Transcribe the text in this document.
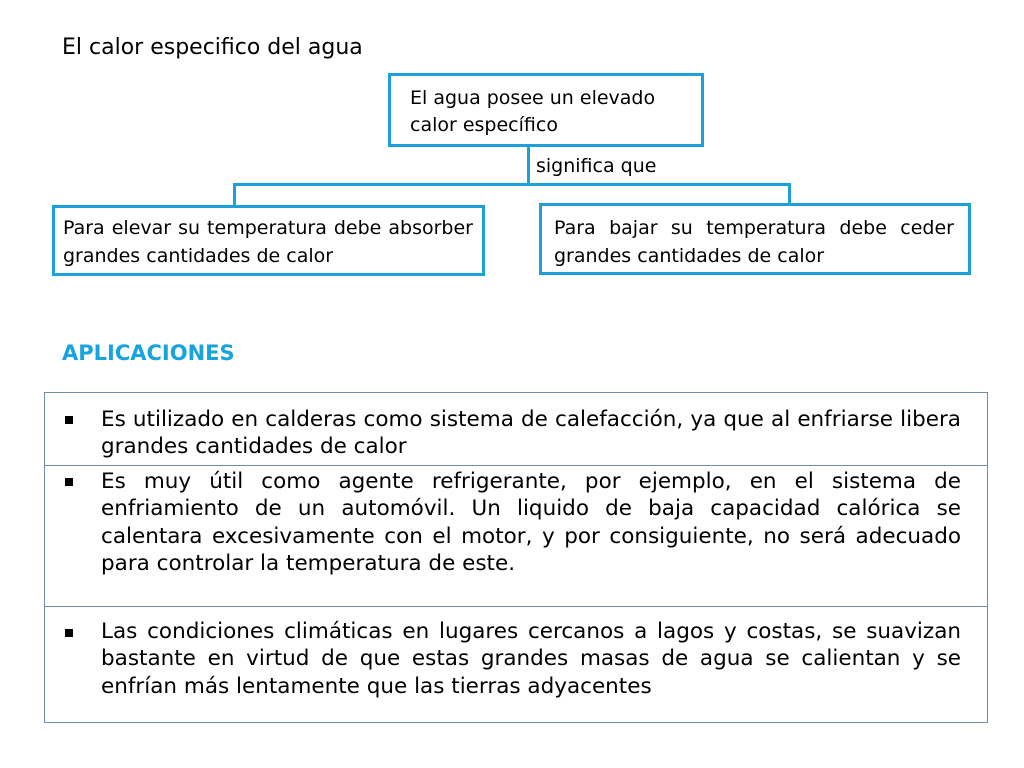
El calor especifico del agua
El agua posee un elevado calor específico
significa que
Para elevar su temperatura debe absorber grandes cantidades de calor
Para bajar su temperatura debe ceder grandes cantidades de calor
APLICACIONES
Es utilizado en calderas como sistema de calefacción, ya que al enfriarse libera grandes cantidades de calor
Es muy útil como agente refrigerante, por ejemplo, en el sistema de enfriamiento de un automóvil. Un liquido de baja capacidad calórica se calentara excesivamente con el motor, y por consiguiente, no será adecuado para controlar la temperatura de este.
Las condiciones climáticas en lugares cercanos a lagos y costas, se suavizan bastante en virtud de que estas grandes masas de agua se calientan y se enfrían más lentamente que las tierras adyacentes
